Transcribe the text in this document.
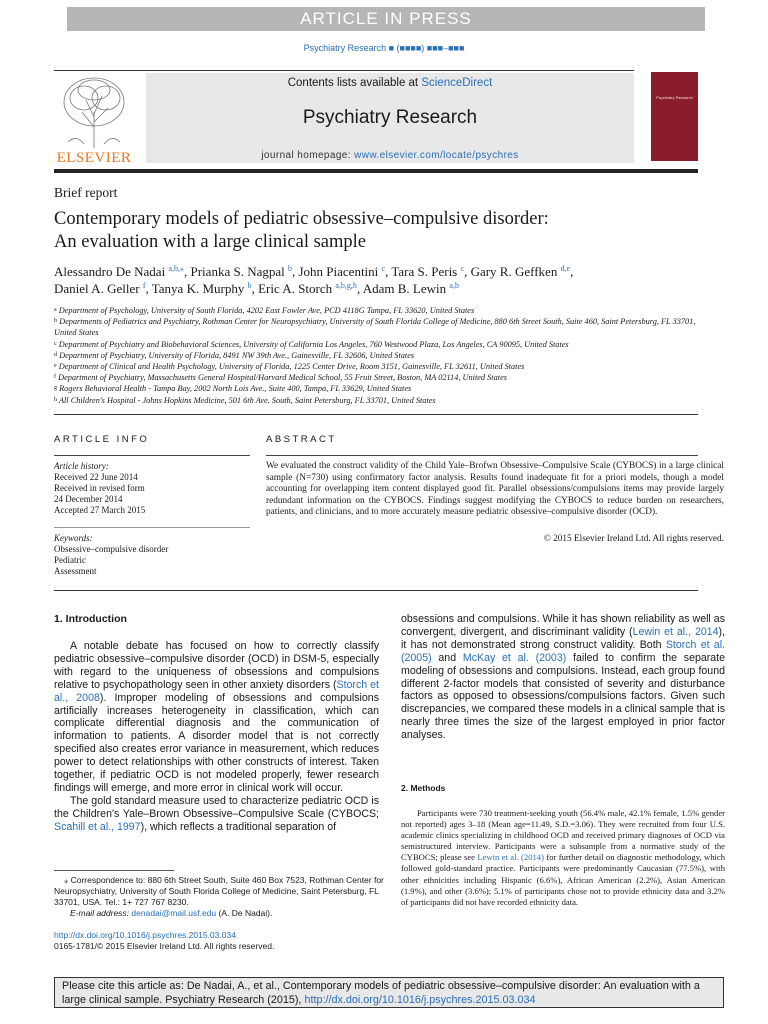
ARTICLE IN PRESS
Psychiatry Research ■ (■■■■) ■■■–■■■
ELSEVIER
Contents lists available at ScienceDirect
Psychiatry Research
journal homepage: www.elsevier.com/locate/psychres
Psychiatry Research
Brief report
Contemporary models of pediatric obsessive–compulsive disorder:
An evaluation with a large clinical sample
Alessandro De Nadai $^{a,b,⁎}$, Prianka S. Nagpal $^b$, John Piacentini $^c$, Tara S. Peris $^c$, Gary R. Geffken $^{d,e}$,
Daniel A. Geller $^f$, Tanya K. Murphy $^b$, Eric A. Storch $^{a,b,g,h}$, Adam B. Lewin $^{a,b}$
$^a$ Department of Psychology, University of South Florida, 4202 East Fowler Ave, PCD 4118G Tampa, FL 33620, United States
$^b$ Departments of Pediatrics and Psychiatry, Rothman Center for Neuropsychiatry, University of South Florida College of Medicine, 880 6th Street South, Suite 460, Saint Petersburg, FL 33701, United States
$^c$ Department of Psychiatry and Biobehavioral Sciences, University of California Los Angeles, 760 Westwood Plaza, Los Angeles, CA 90095, United States
$^d$ Department of Psychiatry, University of Florida, 8491 NW 39th Ave., Gainesville, FL 32606, United States
$^e$ Department of Clinical and Health Psychology, University of Florida, 1225 Center Drive, Room 3151, Gainesville, FL 32611, United States
$^f$ Department of Psychiatry, Massachusetts General Hospital/Harvard Medical School, 55 Fruit Street, Boston, MA 02114, United States
$^g$ Rogers Behavioral Health - Tampa Bay, 2002 North Lois Ave., Suite 400, Tampa, FL 33629, United States
$^h$ All Children's Hospital - Johns Hopkins Medicine, 501 6th Ave. South, Saint Petersburg, FL 33701, United States
ARTICLE INFO	ABSTRACT
Article history:
Received 22 June 2014
Received in revised form
24 December 2014
Accepted 27 March 2015
Keywords:
Obsessive–compulsive disorder
Pediatric
Assessment
We evaluated the construct validity of the Child Yale–Brofwn Obsessive–Compulsive Scale (CYBOCS) in a large clinical sample (N=730) using confirmatory factor analysis. Results found inadequate fit for a priori models, though a model accounting for overlapping item content displayed good fit. Parallel obsessions/compulsions items may provide largely redundant information on the CYBOCS. Findings suggest modifying the CYBOCS to reduce burden on researchers, patients, and clinicians, and to more accurately measure pediatric obsessive–compulsive disorder (OCD).
© 2015 Elsevier Ireland Ltd. All rights reserved.
1. Introduction
A notable debate has focused on how to correctly classify pediatric obsessive–compulsive disorder (OCD) in DSM-5, especially with regard to the uniqueness of obsessions and compulsions relative to psychopathology seen in other anxiety disorders (Storch et al., 2008). Improper modeling of obsessions and compulsions artificially increases heterogeneity in classification, which can complicate differential diagnosis and the communication of information to patients. A disorder model that is not correctly specified also creates error variance in measurement, which reduces power to detect relationships with other constructs of interest. Taken together, if pediatric OCD is not modeled properly, fewer research findings will emerge, and more error in clinical work will occur.
The gold standard measure used to characterize pediatric OCD is the Children's Yale–Brown Obsessive–Compulsive Scale (CYBOCS; Scahill et al., 1997), which reflects a traditional separation of
obsessions and compulsions. While it has shown reliability as well as convergent, divergent, and discriminant validity (Lewin et al., 2014), it has not demonstrated strong construct validity. Both Storch et al. (2005) and McKay et al. (2003) failed to confirm the separate modeling of obsessions and compulsions. Instead, each group found different 2-factor models that consisted of severity and disturbance factors as opposed to obsessions/compulsions factors. Given such discrepancies, we compared these models in a clinical sample that is nearly three times the size of the largest employed in prior factor analyses.
2. Methods
Participants were 730 treatment-seeking youth (56.4% male, 42.1% female, 1.5% gender not reported) ages 3–18 (Mean age=11.49, S.D.=3.06). They were recruited from four U.S. academic clinics specializing in childhood OCD and received primary diagnoses of OCD via semistructured interview. Participants were a subsample from a normative study of the CYBOCS; please see Lewin et al. (2014) for further detail on diagnostic methodology, which followed gold-standard practice. Participants were predominantly Caucasian (77.5%), with other ethnicities including Hispanic (6.6%), African American (2.2%), Asian American (1.9%), and other (3.6%); 5.1% of participants chose not to provide ethnicity data and 3.2% of participants did not have recorded ethnicity data.
⁎ Correspondence to: 880 6th Street South, Suite 460 Box 7523, Rothman Center for Neuropsychiatry, University of South Florida College of Medicine, Saint Petersburg, FL 33701, USA. Tel.: 1+ 727 767 8230.
E-mail address: denadai@mail.usf.edu (A. De Nadai).
http://dx.doi.org/10.1016/j.psychres.2015.03.034
0165-1781/© 2015 Elsevier Ireland Ltd. All rights reserved.
Please cite this article as: De Nadai, A., et al., Contemporary models of pediatric obsessive–compulsive disorder: An evaluation with a large clinical sample. Psychiatry Research (2015), http://dx.doi.org/10.1016/j.psychres.2015.03.034
